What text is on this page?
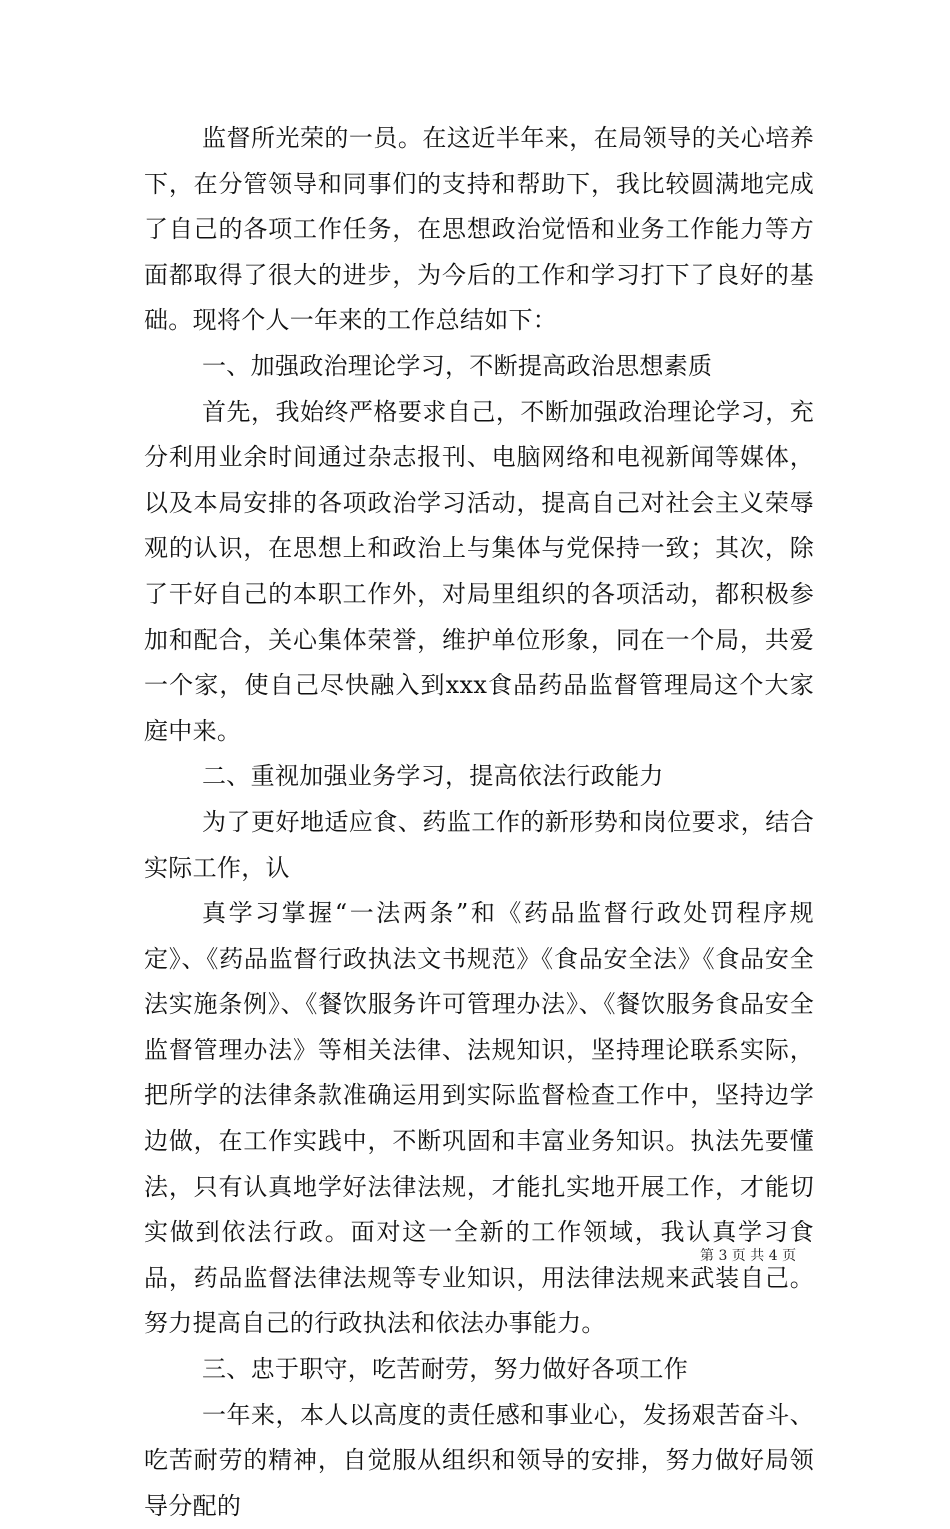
监督所光荣的一员。在这近半年来，在局领导的关心培养下，在分管领导和同事们的支持和帮助下，我比较圆满地完成了自己的各项工作任务，在思想政治觉悟和业务工作能力等方面都取得了很大的进步，为今后的工作和学习打下了良好的基础。现将个人一年来的工作总结如下：

一、加强政治理论学习，不断提高政治思想素质

首先，我始终严格要求自己，不断加强政治理论学习，充分利用业余时间通过杂志报刊、电脑网络和电视新闻等媒体，以及本局安排的各项政治学习活动，提高自己对社会主义荣辱观的认识，在思想上和政治上与集体与党保持一致；其次，除了干好自己的本职工作外，对局里组织的各项活动，都积极参加和配合，关心集体荣誉，维护单位形象，同在一个局，共爱一个家，使自己尽快融入到xxx食品药品监督管理局这个大家庭中来。

二、重视加强业务学习，提高依法行政能力

为了更好地适应食、药监工作的新形势和岗位要求，结合实际工作，认

真学习掌握“一法两条”和《药品监督行政处罚程序规定》、《药品监督行政执法文书规范》《食品安全法》《食品安全法实施条例》、《餐饮服务许可管理办法》、《餐饮服务食品安全监督管理办法》等相关法律、法规知识，坚持理论联系实际，把所学的法律条款准确运用到实际监督检查工作中，坚持边学边做，在工作实践中，不断巩固和丰富业务知识。执法先要懂法，只有认真地学好法律法规，才能扎实地开展工作，才能切实做到依法行政。面对这一全新的工作领域，我认真学习食品，药品监督法律法规等专业知识，用法律法规来武装自己。努力提高自己的行政执法和依法办事能力。

三、忠于职守，吃苦耐劳，努力做好各项工作

一年来，本人以高度的责任感和事业心，发扬艰苦奋斗、吃苦耐劳的精神，自觉服从组织和领导的安排，努力做好局领导分配的

第 3 页 共 4 页
